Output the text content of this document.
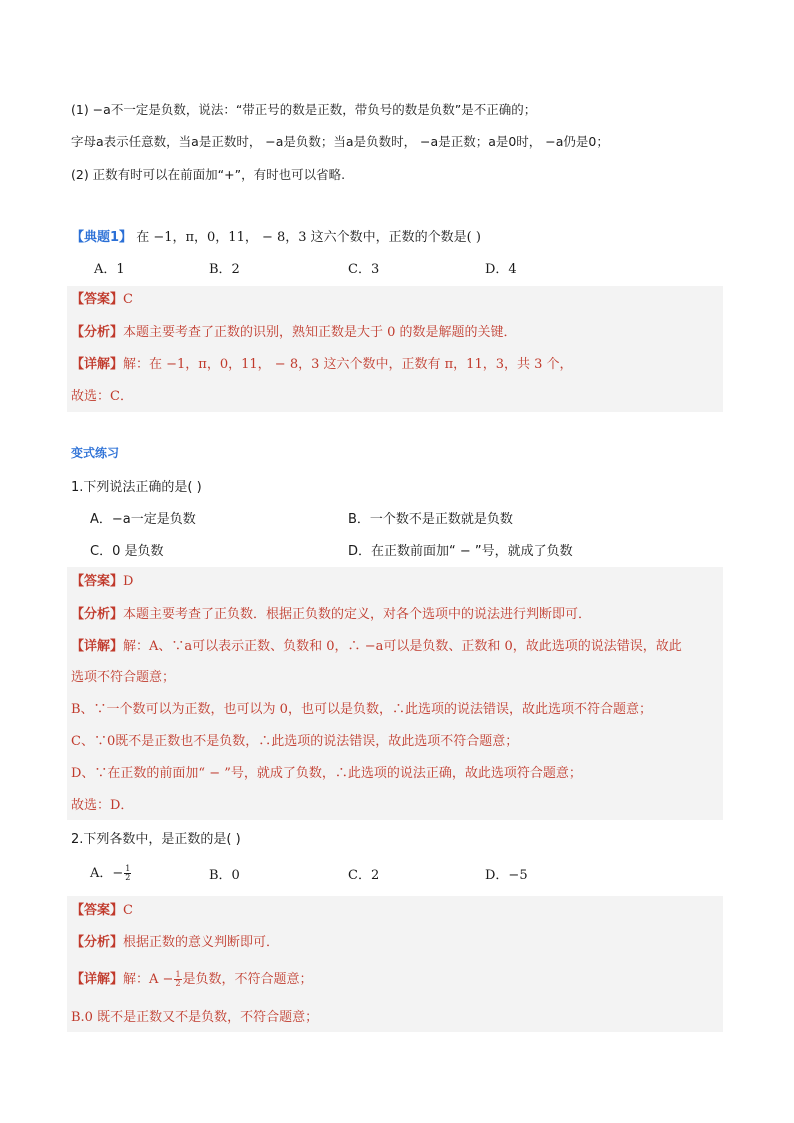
(1) −a不一定是负数，说法：“带正号的数是正数，带负号的数是负数”是不正确的；
字母a表示任意数，当a是正数时， −a是负数；当a是负数时， −a是正数；a是0时， −a仍是0；
(2) 正数有时可以在前面加“+”，有时也可以省略.
【典题1】 在 −1，π，0，11， − 8，3 这六个数中，正数的个数是( )
A．1	B．2	C．3	D．4
【答案】C
【分析】本题主要考查了正数的识别，熟知正数是大于 0 的数是解题的关键．
【详解】解：在 −1，π，0，11， − 8，3 这六个数中，正数有 π，11，3，共 3 个，
故选：C．
变式练习
1.下列说法正确的是( )
A．−a一定是负数	B．一个数不是正数就是负数
C．0 是负数	D．在正数前面加“ − ”号，就成了负数
【答案】D
【分析】本题主要考查了正负数．根据正负数的定义，对各个选项中的说法进行判断即可．
【详解】解：A、∵a可以表示正数、负数和 0，∴ −a可以是负数、正数和 0，故此选项的说法错误，故此
选项不符合题意；
B、∵一个数可以为正数，也可以为 0，也可以是负数，∴此选项的说法错误，故此选项不符合题意；
C、∵0既不是正数也不是负数，∴此选项的说法错误，故此选项不符合题意；
D、∵在正数的前面加“ − ”号，就成了负数，∴此选项的说法正确，故此选项符合题意；
故选：D．
2.下列各数中，是正数的是( )
A．− $\frac{1}{2}$	B．0	C．2	D．−5
【答案】C
【分析】根据正数的意义判断即可．
【详解】解：$A - \frac{1}{2}$ 是负数，不符合题意；
B.0 既不是正数又不是负数，不符合题意；
